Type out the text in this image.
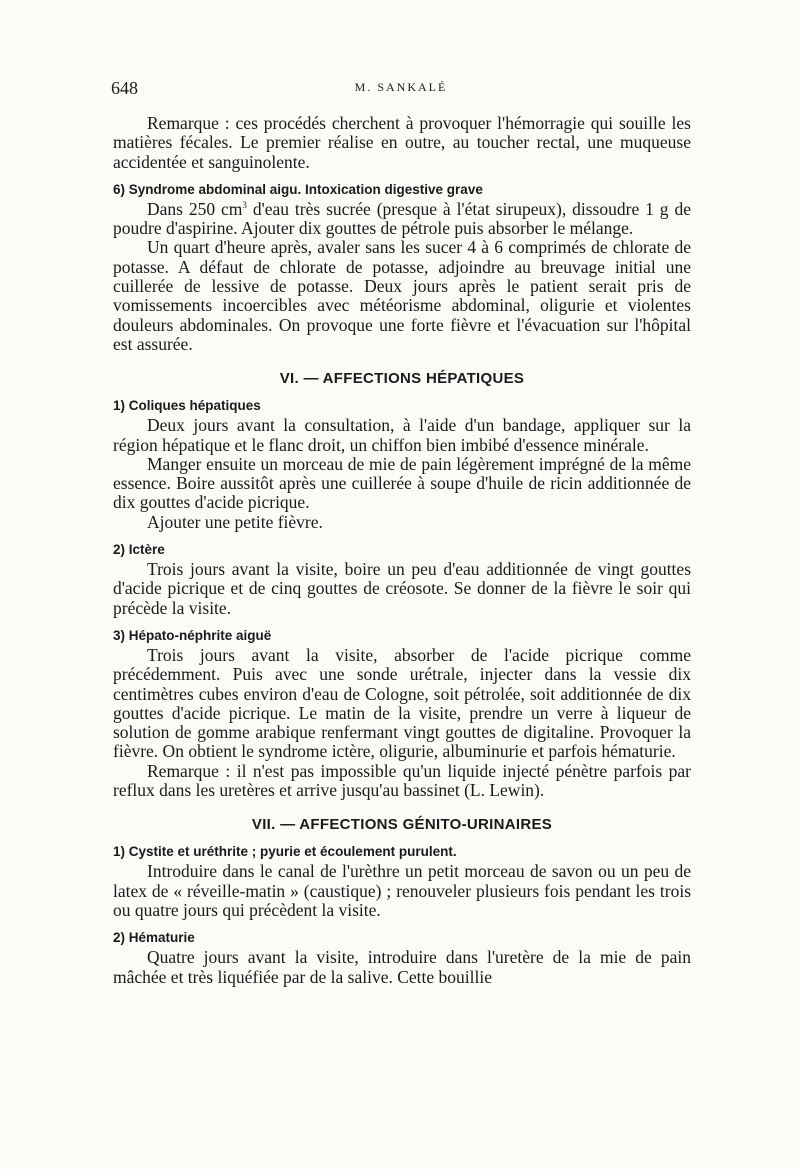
648	M. SANKALÉ

Remarque : ces procédés cherchent à provoquer l'hémorragie qui souille les matières fécales. Le premier réalise en outre, au toucher rectal, une muqueuse accidentée et sanguinolente.

6) Syndrome abdominal aigu. Intoxication digestive grave

Dans 250 $cm^3$ d'eau très sucrée (presque à l'état sirupeux), dissoudre 1 g de poudre d'aspirine. Ajouter dix gouttes de pétrole puis absorber le mélange.

Un quart d'heure après, avaler sans les sucer 4 à 6 comprimés de chlorate de potasse. A défaut de chlorate de potasse, adjoindre au breuvage initial une cuillerée de lessive de potasse. Deux jours après le patient serait pris de vomissements incoercibles avec météorisme abdominal, oligurie et violentes douleurs abdominales. On provoque une forte fièvre et l'évacuation sur l'hôpital est assurée.

VI. — AFFECTIONS HÉPATIQUES
1) Coliques hépatiques

Deux jours avant la consultation, à l'aide d'un bandage, appliquer sur la région hépatique et le flanc droit, un chiffon bien imbibé d'essence minérale.

Manger ensuite un morceau de mie de pain légèrement imprégné de la même essence. Boire aussitôt après une cuillerée à soupe d'huile de ricin additionnée de dix gouttes d'acide picrique.

Ajouter une petite fièvre.

2) Ictère

Trois jours avant la visite, boire un peu d'eau additionnée de vingt gouttes d'acide picrique et de cinq gouttes de créosote. Se donner de la fièvre le soir qui précède la visite.

3) Hépato-néphrite aiguë

Trois jours avant la visite, absorber de l'acide picrique comme précédemment. Puis avec une sonde urétrale, injecter dans la vessie dix centimètres cubes environ d'eau de Cologne, soit pétrolée, soit additionnée de dix gouttes d'acide picrique. Le matin de la visite, prendre un verre à liqueur de solution de gomme arabique renfermant vingt gouttes de digitaline. Provoquer la fièvre. On obtient le syndrome ictère, oligurie, albuminurie et parfois hématurie.

Remarque : il n'est pas impossible qu'un liquide injecté pénètre parfois par reflux dans les uretères et arrive jusqu'au bassinet (L. Lewin).

VII. — AFFECTIONS GÉNITO-URINAIRES
1) Cystite et uréthrite ; pyurie et écoulement purulent.

Introduire dans le canal de l'urèthre un petit morceau de savon ou un peu de latex de « réveille-matin » (caustique) ; renouveler plusieurs fois pendant les trois ou quatre jours qui précèdent la visite.

2) Hématurie

Quatre jours avant la visite, introduire dans l'uretère de la mie de pain mâchée et très liquéfiée par de la salive. Cette bouillie
